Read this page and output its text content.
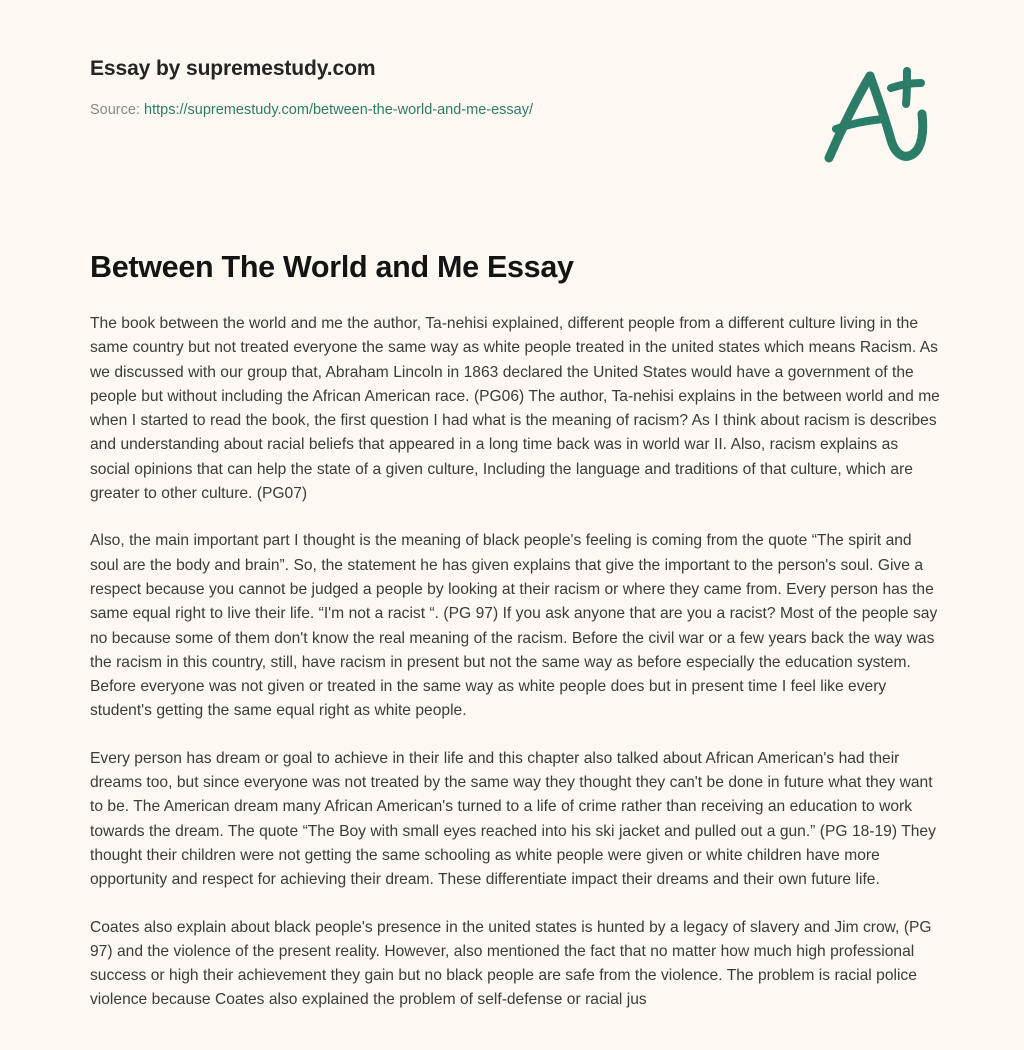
Essay by supremestudy.com
Source: https://supremestudy.com/between-the-world-and-me-essay/
Between The World and Me Essay

The book between the world and me the author, Ta-nehisi explained, different people from a different culture living in the same country but not treated everyone the same way as white people treated in the united states which means Racism. As we discussed with our group that, Abraham Lincoln in 1863 declared the United States would have a government of the people but without including the African American race. (PG06) The author, Ta-nehisi explains in the between world and me when I started to read the book, the first question I had what is the meaning of racism? As I think about racism is describes and understanding about racial beliefs that appeared in a long time back was in world war II. Also, racism explains as social opinions that can help the state of a given culture, Including the language and traditions of that culture, which are greater to other culture. (PG07)

Also, the main important part I thought is the meaning of black people's feeling is coming from the quote “The spirit and soul are the body and brain”. So, the statement he has given explains that give the important to the person's soul. Give a respect because you cannot be judged a people by looking at their racism or where they came from. Every person has the same equal right to live their life. “I'm not a racist “. (PG 97) If you ask anyone that are you a racist? Most of the people say no because some of them don't know the real meaning of the racism. Before the civil war or a few years back the way was the racism in this country, still, have racism in present but not the same way as before especially the education system. Before everyone was not given or treated in the same way as white people does but in present time I feel like every student's getting the same equal right as white people.

Every person has dream or goal to achieve in their life and this chapter also talked about African American's had their dreams too, but since everyone was not treated by the same way they thought they can't be done in future what they want to be. The American dream many African American's turned to a life of crime rather than receiving an education to work towards the dream. The quote “The Boy with small eyes reached into his ski jacket and pulled out a gun.” (PG 18-19) They thought their children were not getting the same schooling as white people were given or white children have more opportunity and respect for achieving their dream. These differentiate impact their dreams and their own future life.

Coates also explain about black people's presence in the united states is hunted by a legacy of slavery and Jim crow, (PG 97) and the violence of the present reality. However, also mentioned the fact that no matter how much high professional success or high their achievement they gain but no black people are safe from the violence. The problem is racial police violence because Coates also explained the problem of self-defense or racial jus
